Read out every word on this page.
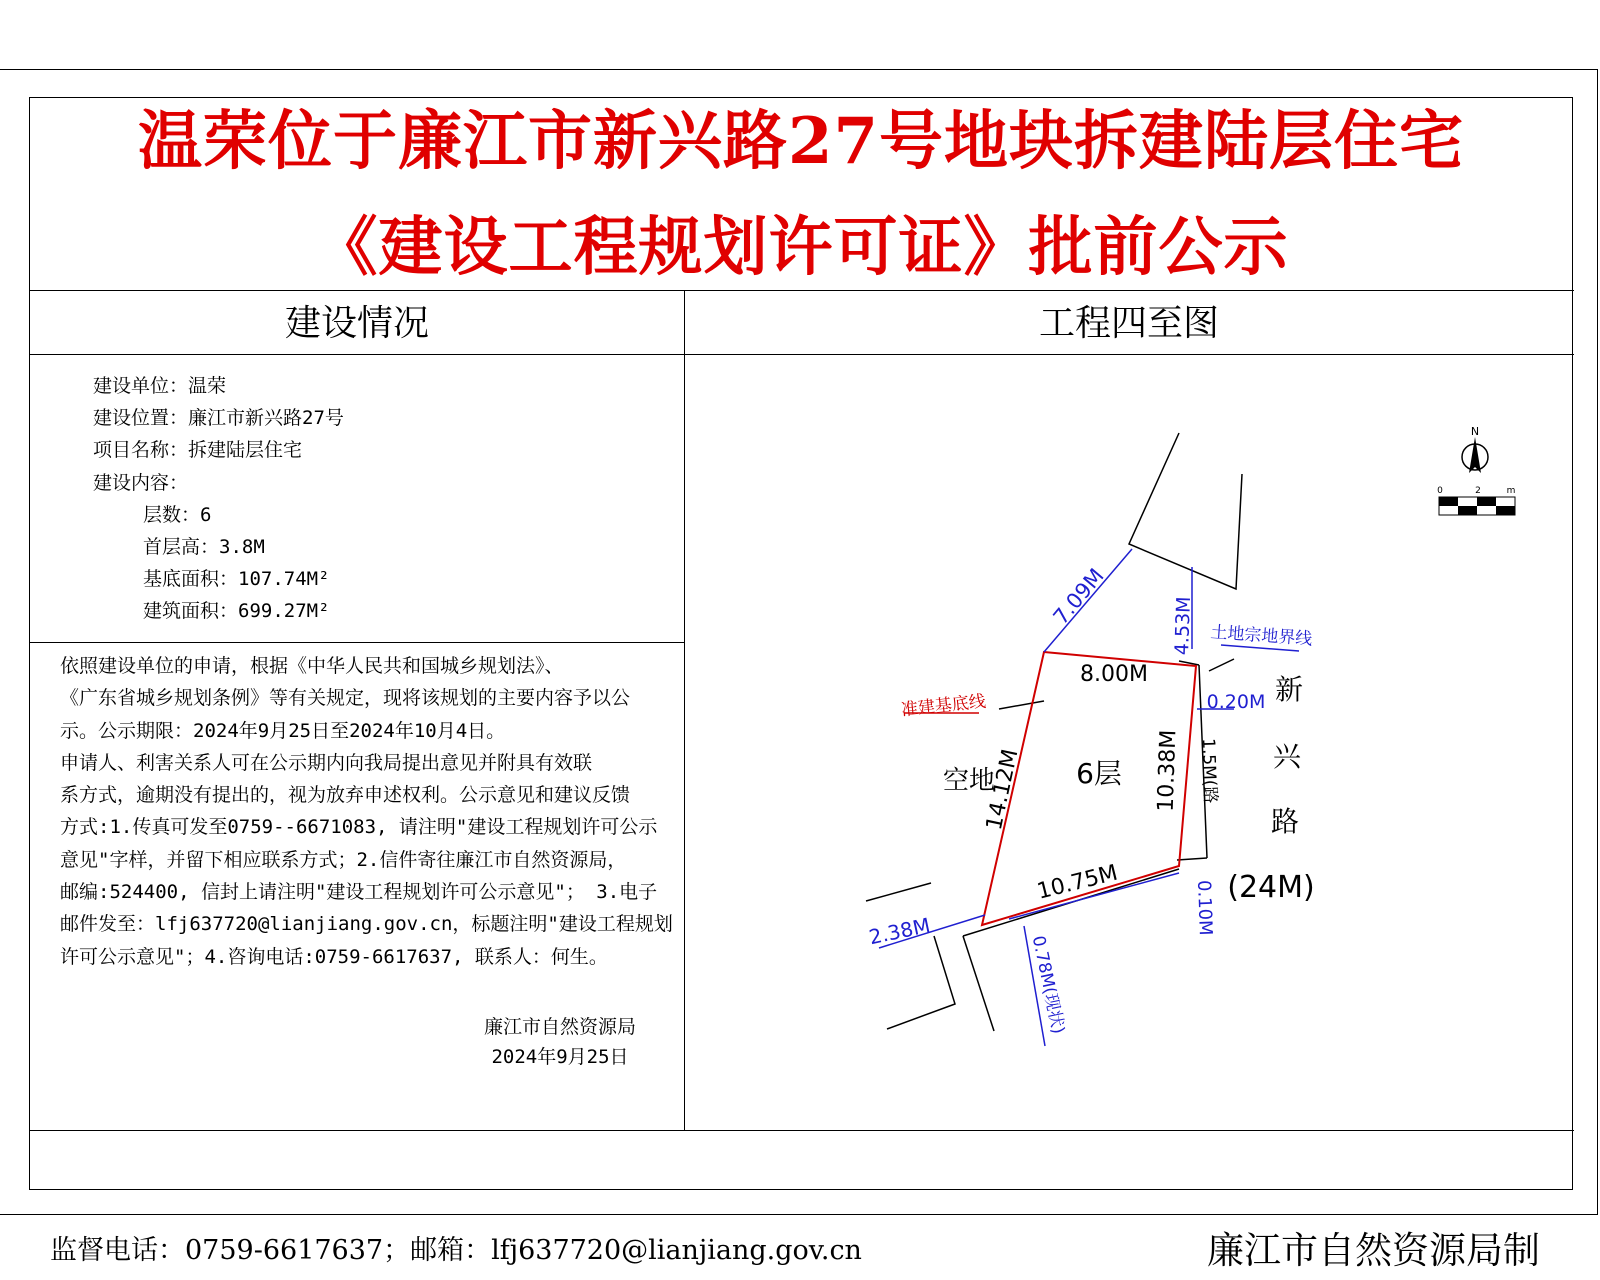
温荣位于廉江市新兴路27号地块拆建陆层住宅
《建设工程规划许可证》批前公示
建设情况	工程四至图
建设单位：温荣
建设位置：廉江市新兴路27号
项目名称：拆建陆层住宅
建设内容：
层数：6
首层高：3.8M
基底面积：107.74M²
建筑面积：699.27M²
依照建设单位的申请，根据《中华人民共和国城乡规划法》、
《广东省城乡规划条例》等有关规定，现将该规划的主要内容予以公
示。公示期限：2024年9月25日至2024年10月4日。
申请人、利害关系人可在公示期内向我局提出意见并附具有效联
系方式，逾期没有提出的，视为放弃申述权利。公示意见和建议反馈
方式:1.传真可发至0759--6671083, 请注明"建设工程规划许可公示
意见"字样，并留下相应联系方式；2.信件寄往廉江市自然资源局，
邮编:524400, 信封上请注明"建设工程规划许可公示意见"； 3.电子
邮件发至：lfj637720@lianjiang.gov.cn，标题注明"建设工程规划
许可公示意见"；4.咨询电话:0759-6617637, 联系人：何生。
廉江市自然资源局
2024年9月25日
8.00M
14.12M	10.38M
10.75M
7.09M	4.53M
0.20M
1.5M(路
0.10M
2.38M
0.78M(现状)
6层
空地
准建基底线
土地宗地界线
新
兴
路
(24M)
N
0	2	m
监督电话：0759-6617637；邮箱：lfj637720@lianjiang.gov.cn	廉江市自然资源局制
